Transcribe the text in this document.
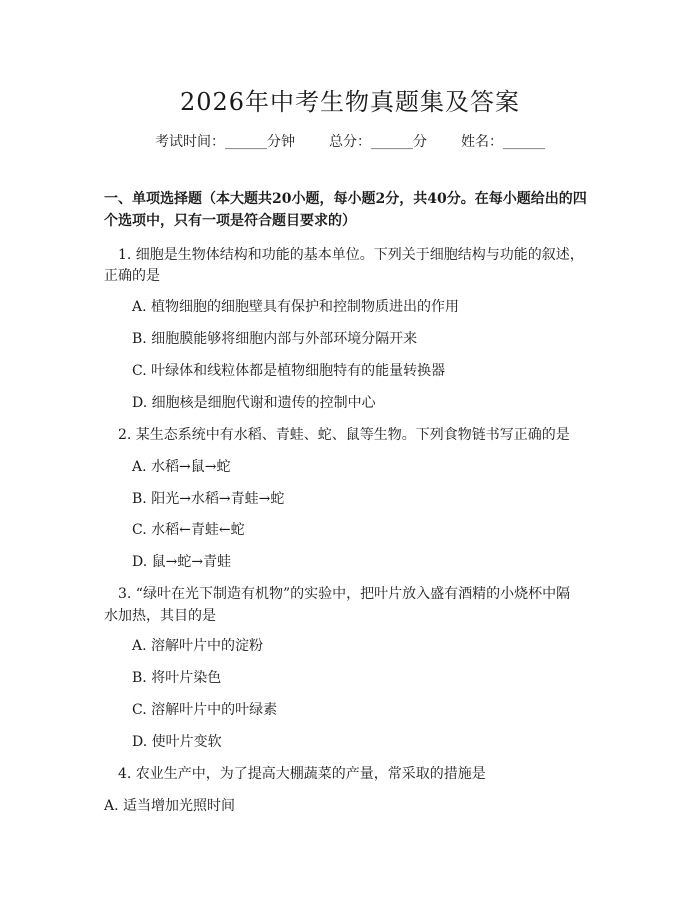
2026年中考生物真题集及答案
考试时间：______分钟 总分：______分 姓名：______
一、单项选择题（本大题共20小题，每小题2分，共40分。在每小题给出的四个选项中，只有一项是符合题目要求的）
1. 细胞是生物体结构和功能的基本单位。下列关于细胞结构与功能的叙述，
正确的是
A. 植物细胞的细胞壁具有保护和控制物质进出的作用
B. 细胞膜能够将细胞内部与外部环境分隔开来
C. 叶绿体和线粒体都是植物细胞特有的能量转换器
D. 细胞核是细胞代谢和遗传的控制中心
2. 某生态系统中有水稻、青蛙、蛇、鼠等生物。下列食物链书写正确的是
A. 水稻→鼠→蛇
B. 阳光→水稻→青蛙→蛇
C. 水稻←青蛙←蛇
D. 鼠→蛇→青蛙
3. “绿叶在光下制造有机物”的实验中，把叶片放入盛有酒精的小烧杯中隔
水加热，其目的是
A. 溶解叶片中的淀粉
B. 将叶片染色
C. 溶解叶片中的叶绿素
D. 使叶片变软
4. 农业生产中，为了提高大棚蔬菜的产量，常采取的措施是
A. 适当增加光照时间
